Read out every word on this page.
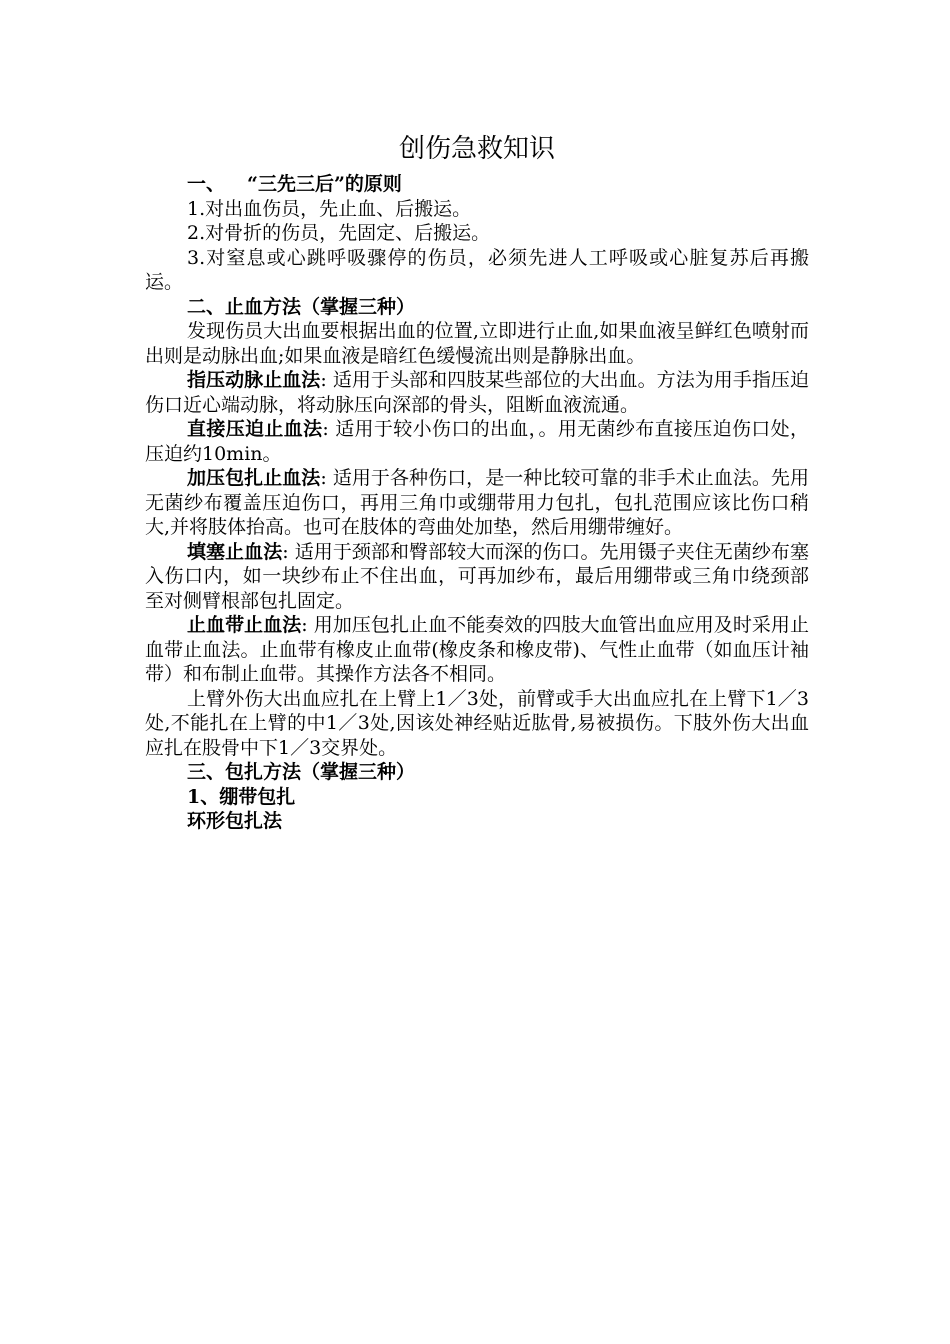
创伤急救知识

一、 “三先三后”的原则

1.对出血伤员，先止血、后搬运。

2.对骨折的伤员，先固定、后搬运。

3.对窒息或心跳呼吸骤停的伤员，必须先进人工呼吸或心脏复苏后再搬运。

二、止血方法（掌握三种）

发现伤员大出血要根据出血的位置,立即进行止血,如果血液呈鲜红色喷射而出则是动脉出血;如果血液是暗红色缓慢流出则是静脉出血。

指压动脉止血法: 适用于头部和四肢某些部位的大出血。方法为用手指压迫伤口近心端动脉，将动脉压向深部的骨头，阻断血液流通。

直接压迫止血法: 适用于较小伤口的出血，。用无菌纱布直接压迫伤口处，压迫约10min。

加压包扎止血法: 适用于各种伤口，是一种比较可靠的非手术止血法。先用无菌纱布覆盖压迫伤口，再用三角巾或绷带用力包扎，包扎范围应该比伤口稍大,并将肢体抬高。也可在肢体的弯曲处加垫，然后用绷带缠好。

填塞止血法: 适用于颈部和臀部较大而深的伤口。先用镊子夹住无菌纱布塞入伤口内，如一块纱布止不住出血，可再加纱布，最后用绷带或三角巾绕颈部至对侧臂根部包扎固定。

止血带止血法: 用加压包扎止血不能奏效的四肢大血管出血应用及时采用止血带止血法。止血带有橡皮止血带(橡皮条和橡皮带)、气性止血带（如血压计袖带）和布制止血带。其操作方法各不相同。

上臂外伤大出血应扎在上臂上1／3处，前臂或手大出血应扎在上臂下1／3处,不能扎在上臂的中1／3处,因该处神经贴近肱骨,易被损伤。下肢外伤大出血应扎在股骨中下1／3交界处。

三、包扎方法（掌握三种）

1、绷带包扎

环形包扎法
